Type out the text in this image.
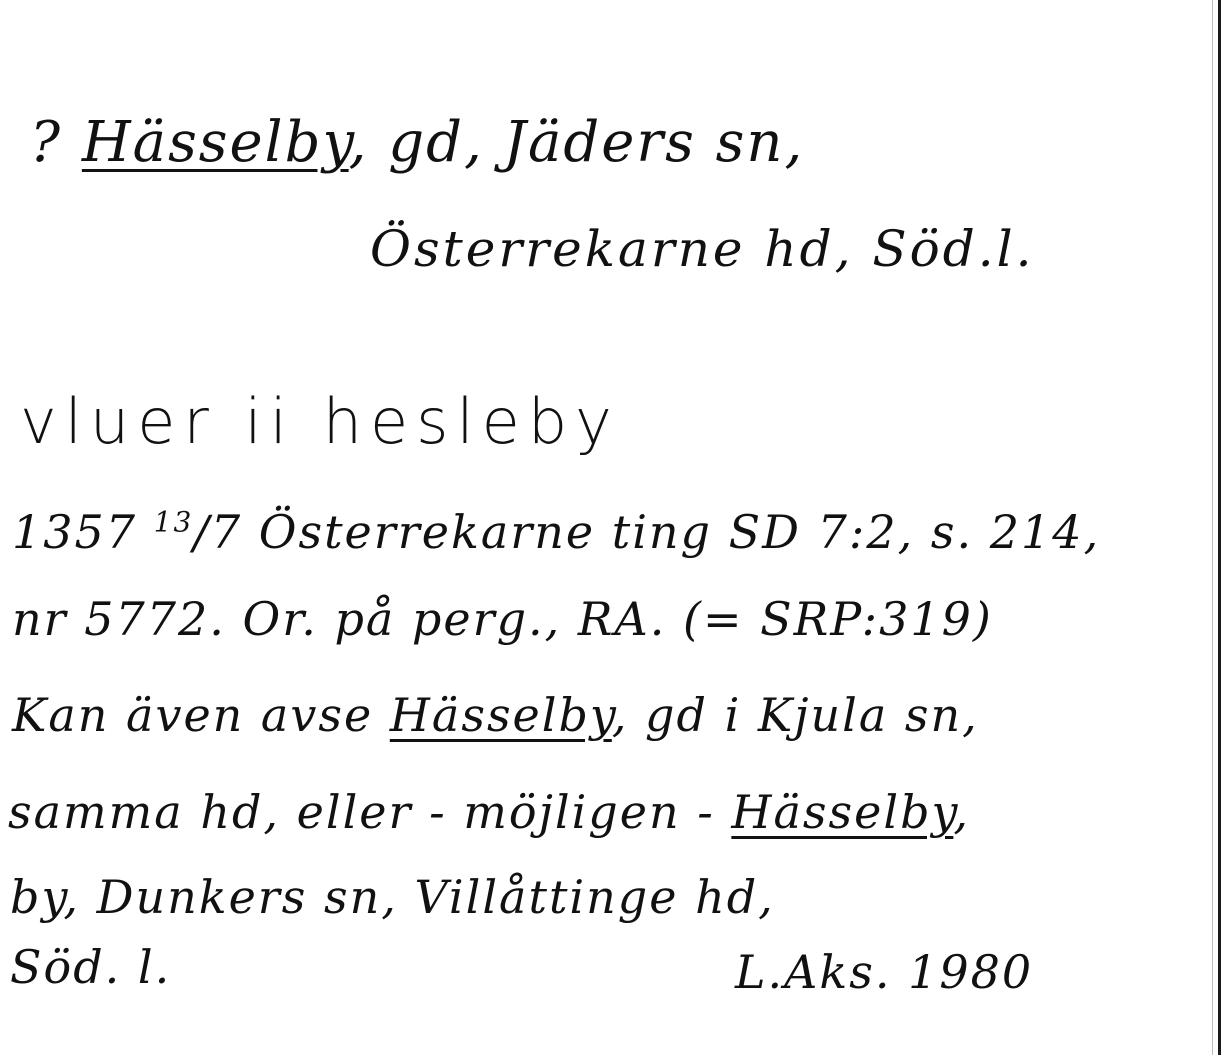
? Hässelby, gd, Jäders sn,
Österrekarne hd, Söd.l.
vluer ii hesleby
1357 $^{13}$/7 Österrekarne ting SD 7:2, s. 214,
nr 5772. Or. på perg., RA. (= SRP:319)
Kan även avse Hässelby, gd i Kjula sn,
samma hd, eller - möjligen - Hässelby,
by, Dunkers sn, Villåttinge hd,
Söd. l.	L.Aks. 1980
